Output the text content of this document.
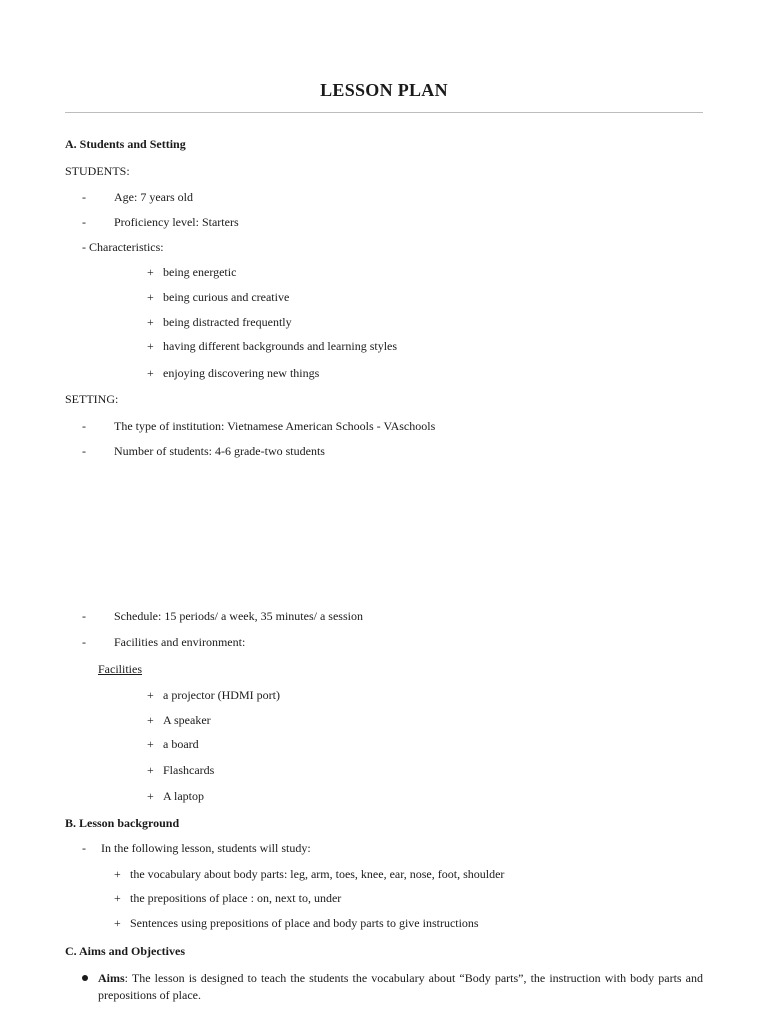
LESSON PLAN
A. Students and Setting
STUDENTS:
- Age: 7 years old
- Proficiency level: Starters
- Characteristics:
+ being energetic
+ being curious and creative
+ being distracted frequently
+ having different backgrounds and learning styles
+ enjoying discovering new things
SETTING:
- The type of institution: Vietnamese American Schools - VAschools
- Number of students: 4-6 grade-two students
- Schedule: 15 periods/ a week, 35 minutes/ a session
- Facilities and environment:
Facilities
+ a projector (HDMI port)
+ A speaker
+ a board
+ Flashcards
+ A laptop
B. Lesson background
- In the following lesson, students will study:
+ the vocabulary about body parts: leg, arm, toes, knee, ear, nose, foot, shoulder
+ the prepositions of place : on, next to, under
+ Sentences using prepositions of place and body parts to give instructions
C. Aims and Objectives
Aims: The lesson is designed to teach the students the vocabulary about “Body parts”, the instruction with body parts and prepositions of place.
